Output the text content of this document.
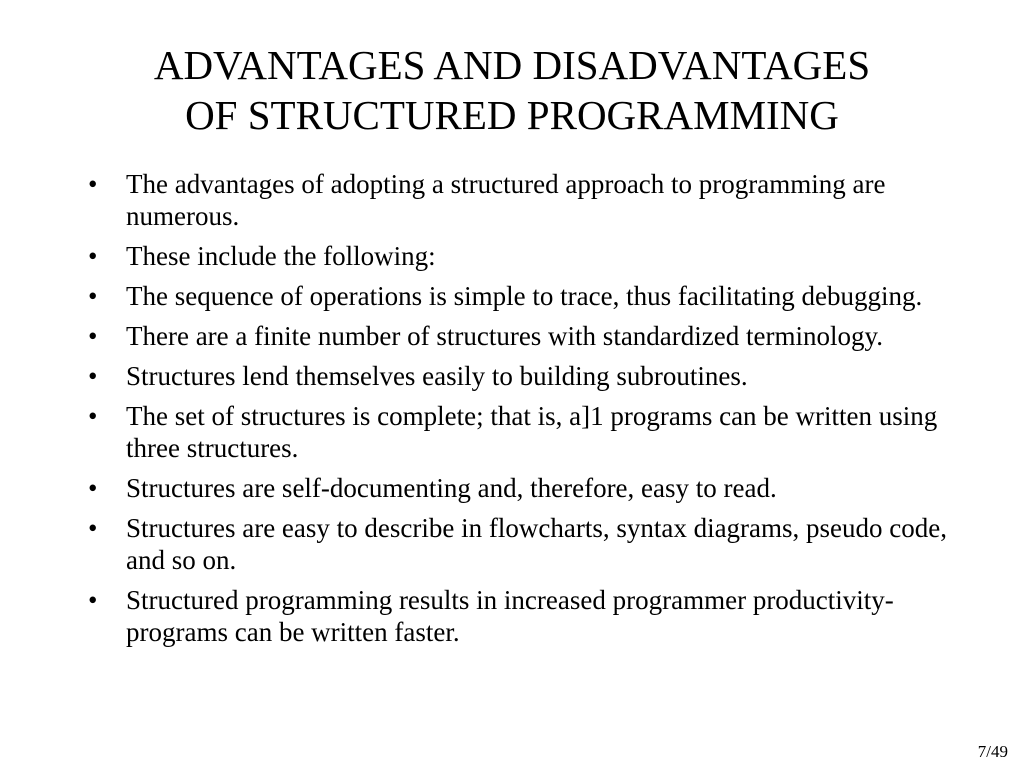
ADVANTAGES AND DISADVANTAGES
OF STRUCTURED PROGRAMMING
• The advantages of adopting a structured approach to programming are numerous.
• These include the following:
• The sequence of operations is simple to trace, thus facilitating debugging.
• There are a finite number of structures with standardized terminology.
• Structures lend themselves easily to building subroutines.
• The set of structures is complete; that is, a]1 programs can be written using three structures.
• Structures are self-documenting and, therefore, easy to read.
• Structures are easy to describe in flowcharts, syntax diagrams, pseudo code, and so on.
• Structured programming results in increased programmer productivity-programs can be written faster.
7/49
